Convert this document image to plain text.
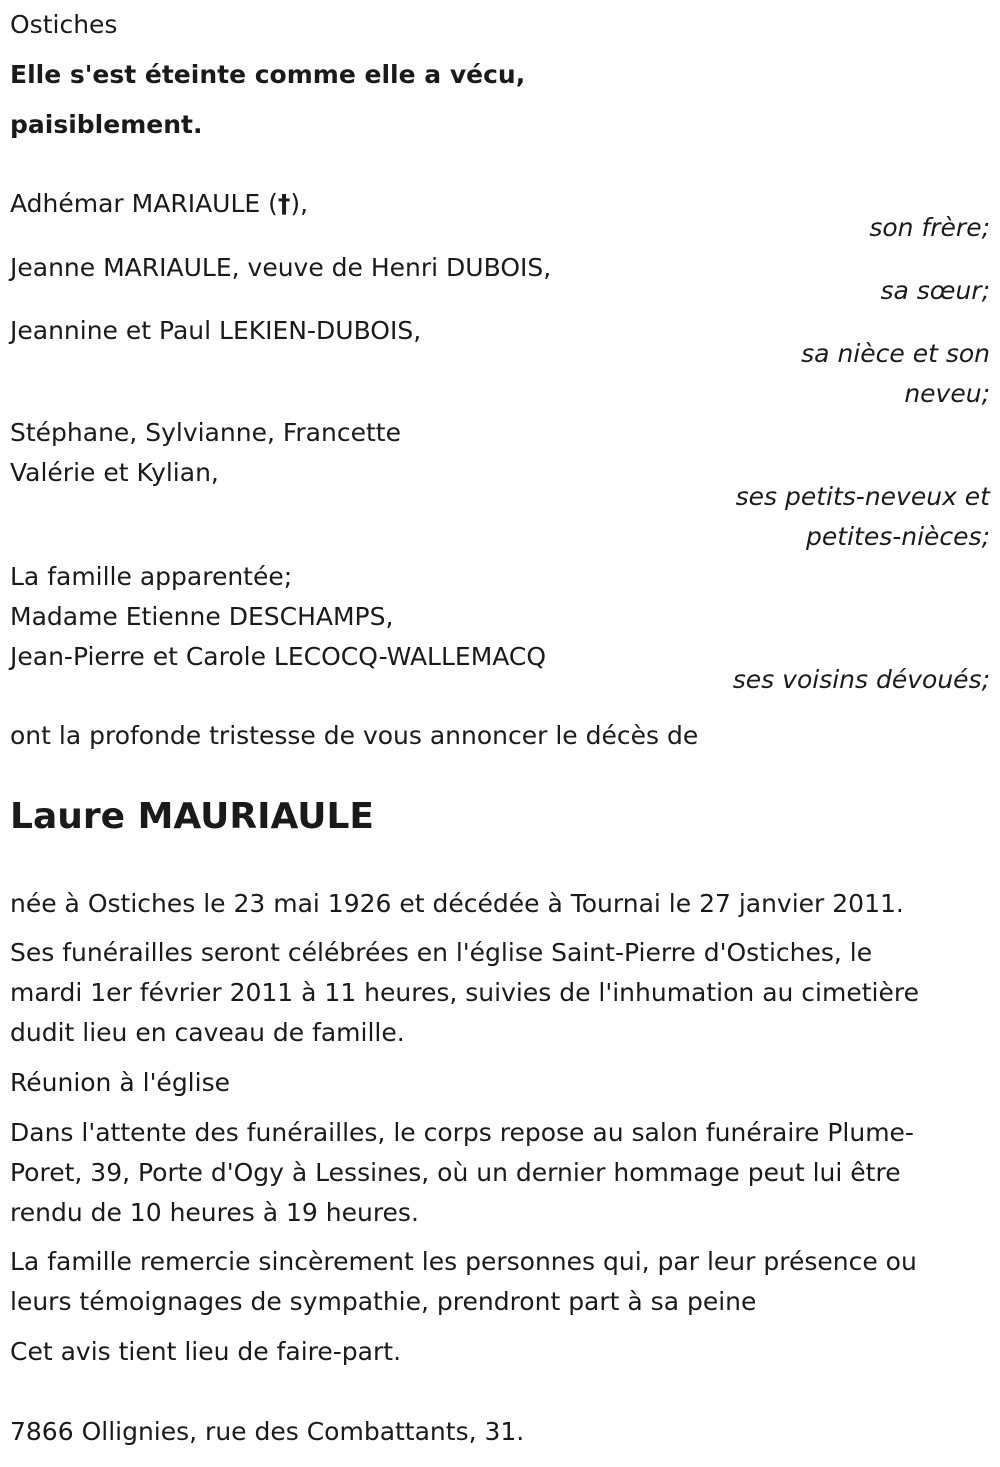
Ostiches
Elle s'est éteinte comme elle a vécu,
paisiblement.
Adhémar MARIAULE (†),
son frère;
Jeanne MARIAULE, veuve de Henri DUBOIS,
sa sœur;
Jeannine et Paul LEKIEN-DUBOIS,
sa nièce et son
neveu;
Stéphane, Sylvianne, Francette
Valérie et Kylian,
ses petits-neveux et
petites-nièces;
La famille apparentée;
Madame Etienne DESCHAMPS,
Jean-Pierre et Carole LECOCQ-WALLEMACQ
ses voisins dévoués;
ont la profonde tristesse de vous annoncer le décès de
Laure MAURIAULE
née à Ostiches le 23 mai 1926 et décédée à Tournai le 27 janvier 2011.
Ses funérailles seront célébrées en l'église Saint-Pierre d'Ostiches, le
mardi 1er février 2011 à 11 heures, suivies de l'inhumation au cimetière
dudit lieu en caveau de famille.
Réunion à l'église
Dans l'attente des funérailles, le corps repose au salon funéraire Plume-
Poret, 39, Porte d'Ogy à Lessines, où un dernier hommage peut lui être
rendu de 10 heures à 19 heures.
La famille remercie sincèrement les personnes qui, par leur présence ou
leurs témoignages de sympathie, prendront part à sa peine
Cet avis tient lieu de faire-part.
7866 Ollignies, rue des Combattants, 31.
